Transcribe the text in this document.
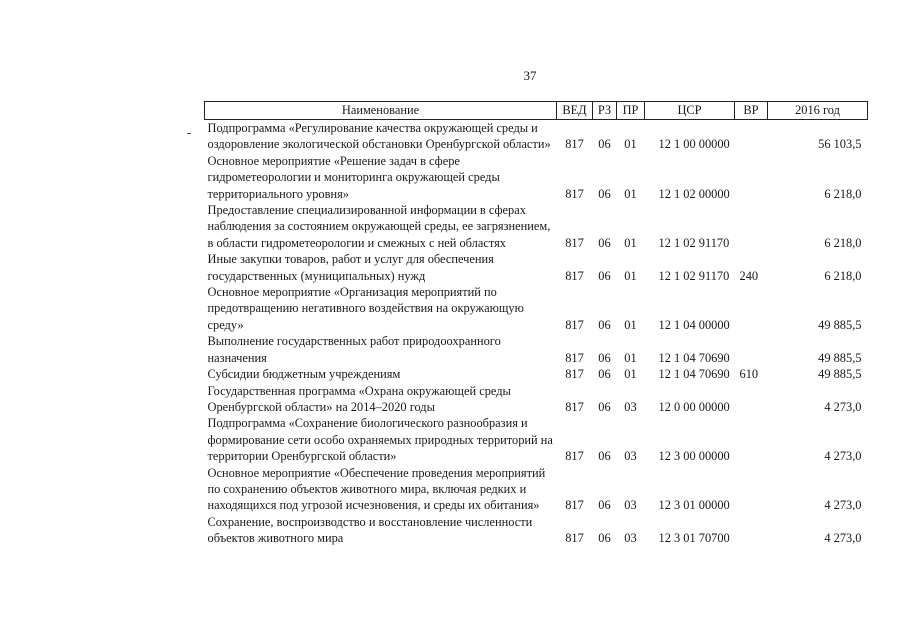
37
Наименование	ВЕД	РЗ	ПР	ЦСР	ВР	2016 год
Подпрограмма «Регулирование качества окружающей среды и оздоровление экологической обстановки Оренбургской области»	817	06	01	12 1 00 00000		56 103,5
Основное мероприятие «Решение задач в сфере гидрометеорологии и мониторинга окружающей среды территориального уровня»	817	06	01	12 1 02 00000		6 218,0
Предоставление специализированной информации в сферах наблюдения за состоянием окружающей среды, ее загрязнением, в области гидрометеорологии и смежных с ней областях	817	06	01	12 1 02 91170		6 218,0
Иные закупки товаров, работ и услуг для обеспечения государственных (муниципальных) нужд	817	06	01	12 1 02 91170	240	6 218,0
Основное мероприятие «Организация мероприятий по предотвращению негативного воздействия на окружающую среду»	817	06	01	12 1 04 00000		49 885,5
Выполнение государственных работ природоохранного назначения	817	06	01	12 1 04 70690		49 885,5
Субсидии бюджетным учреждениям	817	06	01	12 1 04 70690	610	49 885,5
Государственная программа «Охрана окружающей среды Оренбургской области» на 2014–2020 годы	817	06	03	12 0 00 00000		4 273,0
Подпрограмма «Сохранение биологического разнообразия и формирование сети особо охраняемых природных территорий на территории Оренбургской области»	817	06	03	12 3 00 00000		4 273,0
Основное мероприятие «Обеспечение проведения мероприятий по сохранению объектов животного мира, включая редких и находящихся под угрозой исчезновения, и среды их обитания»	817	06	03	12 3 01 00000		4 273,0
Сохранение, воспроизводство и восстановление численности объектов животного мира	817	06	03	12 3 01 70700		4 273,0
